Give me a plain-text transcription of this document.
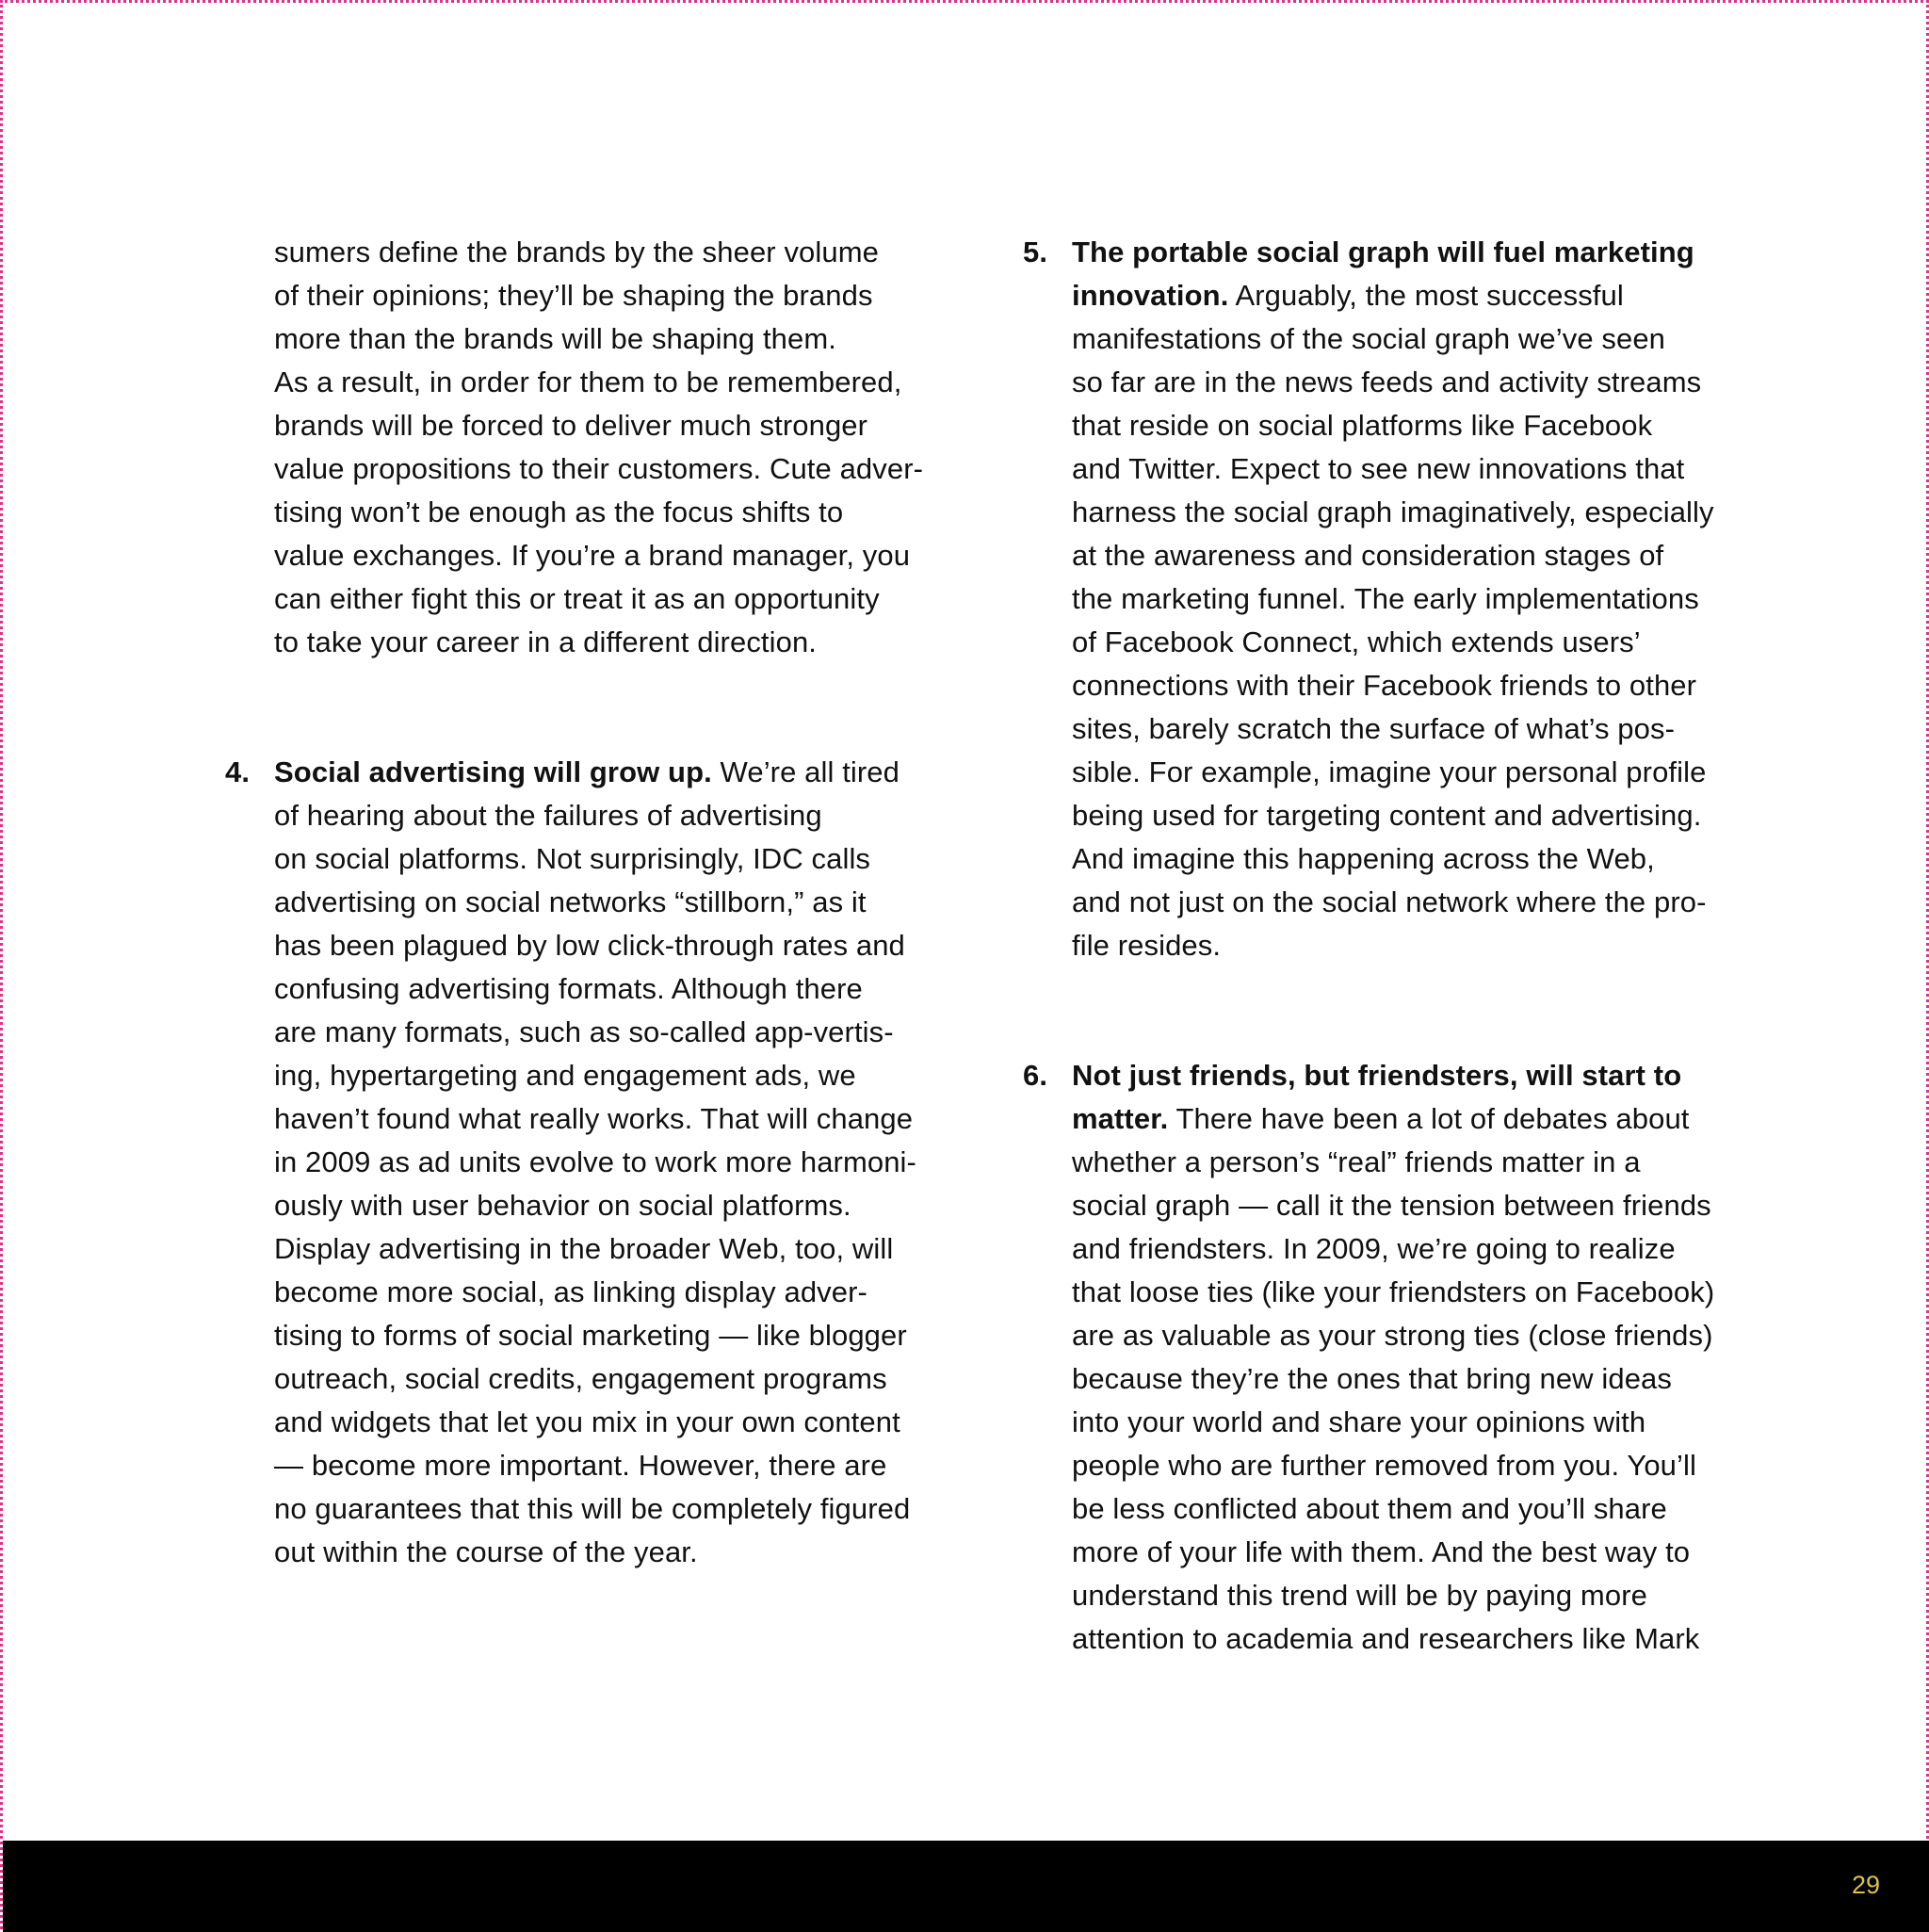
sumers define the brands by the sheer volume
of their opinions; they’ll be shaping the brands
more than the brands will be shaping them.
As a result, in order for them to be remembered,
brands will be forced to deliver much stronger
value propositions to their customers. Cute adver-
tising won’t be enough as the focus shifts to
value exchanges. If you’re a brand manager, you
can either fight this or treat it as an opportunity
to take your career in a different direction.
4. Social advertising will grow up. We’re all tired
of hearing about the failures of advertising
on social platforms. Not surprisingly, IDC calls
advertising on social networks “stillborn,” as it
has been plagued by low click-through rates and
confusing advertising formats. Although there
are many formats, such as so-called app-vertis-
ing, hypertargeting and engagement ads, we
haven’t found what really works. That will change
in 2009 as ad units evolve to work more harmoni-
ously with user behavior on social platforms.
Display advertising in the broader Web, too, will
become more social, as linking display adver-
tising to forms of social marketing — like blogger
outreach, social credits, engagement programs
and widgets that let you mix in your own content
— become more important. However, there are
no guarantees that this will be completely figured
out within the course of the year.
5. The portable social graph will fuel marketing
innovation. Arguably, the most successful
manifestations of the social graph we’ve seen
so far are in the news feeds and activity streams
that reside on social platforms like Facebook
and Twitter. Expect to see new innovations that
harness the social graph imaginatively, especially
at the awareness and consideration stages of
the marketing funnel. The early implementations
of Facebook Connect, which extends users’
connections with their Facebook friends to other
sites, barely scratch the surface of what’s pos-
sible. For example, imagine your personal profile
being used for targeting content and advertising.
And imagine this happening across the Web,
and not just on the social network where the pro-
file resides.
6. Not just friends, but friendsters, will start to
matter. There have been a lot of debates about
whether a person’s “real” friends matter in a
social graph — call it the tension between friends
and friendsters. In 2009, we’re going to realize
that loose ties (like your friendsters on Facebook)
are as valuable as your strong ties (close friends)
because they’re the ones that bring new ideas
into your world and share your opinions with
people who are further removed from you. You’ll
be less conflicted about them and you’ll share
more of your life with them. And the best way to
understand this trend will be by paying more
attention to academia and researchers like Mark
29
